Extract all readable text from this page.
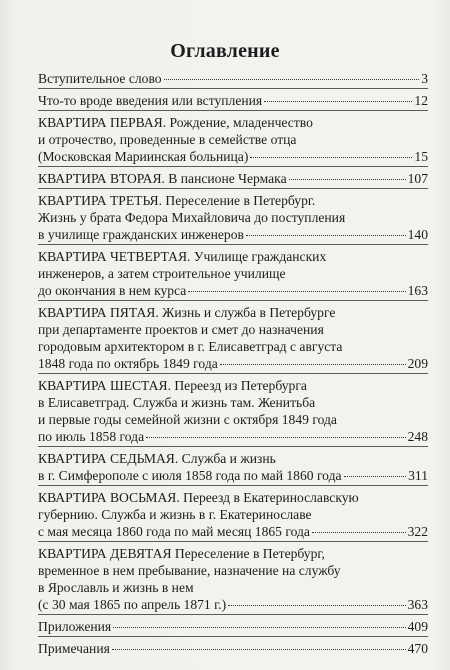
Оглавление
Вступительное слово	3
Что-то вроде введения или вступления	12
КВАРТИРА ПЕРВАЯ. Рождение, младенчество
и отрочество, проведенные в семействе отца
(Московская Мариинская больница)	15
КВАРТИРА ВТОРАЯ. В пансионе Чермака	107
КВАРТИРА ТРЕТЬЯ. Переселение в Петербург.
Жизнь у брата Федора Михайловича до поступления
в училище гражданских инженеров	140
КВАРТИРА ЧЕТВЕРТАЯ. Училище гражданских
инженеров, а затем строительное училище
до окончания в нем курса	163
КВАРТИРА ПЯТАЯ. Жизнь и служба в Петербурге
при департаменте проектов и смет до назначения
городовым архитектором в г. Елисаветград с августа
1848 года по октябрь 1849 года	209
КВАРТИРА ШЕСТАЯ. Переезд из Петербурга
в Елисаветград. Служба и жизнь там. Женитьба
и первые годы семейной жизни с октября 1849 года
по июль 1858 года	248
КВАРТИРА СЕДЬМАЯ. Служба и жизнь
в г. Симферополе с июля 1858 года по май 1860 года	311
КВАРТИРА ВОСЬМАЯ. Переезд в Екатеринославскую
губернию. Служба и жизнь в г. Екатеринославе
с мая месяца 1860 года по май месяц 1865 года	322
КВАРТИРА ДЕВЯТАЯ Переселение в Петербург,
временное в нем пребывание, назначение на службу
в Ярославль и жизнь в нем
(с 30 мая 1865 по апрель 1871 г.)	363
Приложения	409
Примечания	470
